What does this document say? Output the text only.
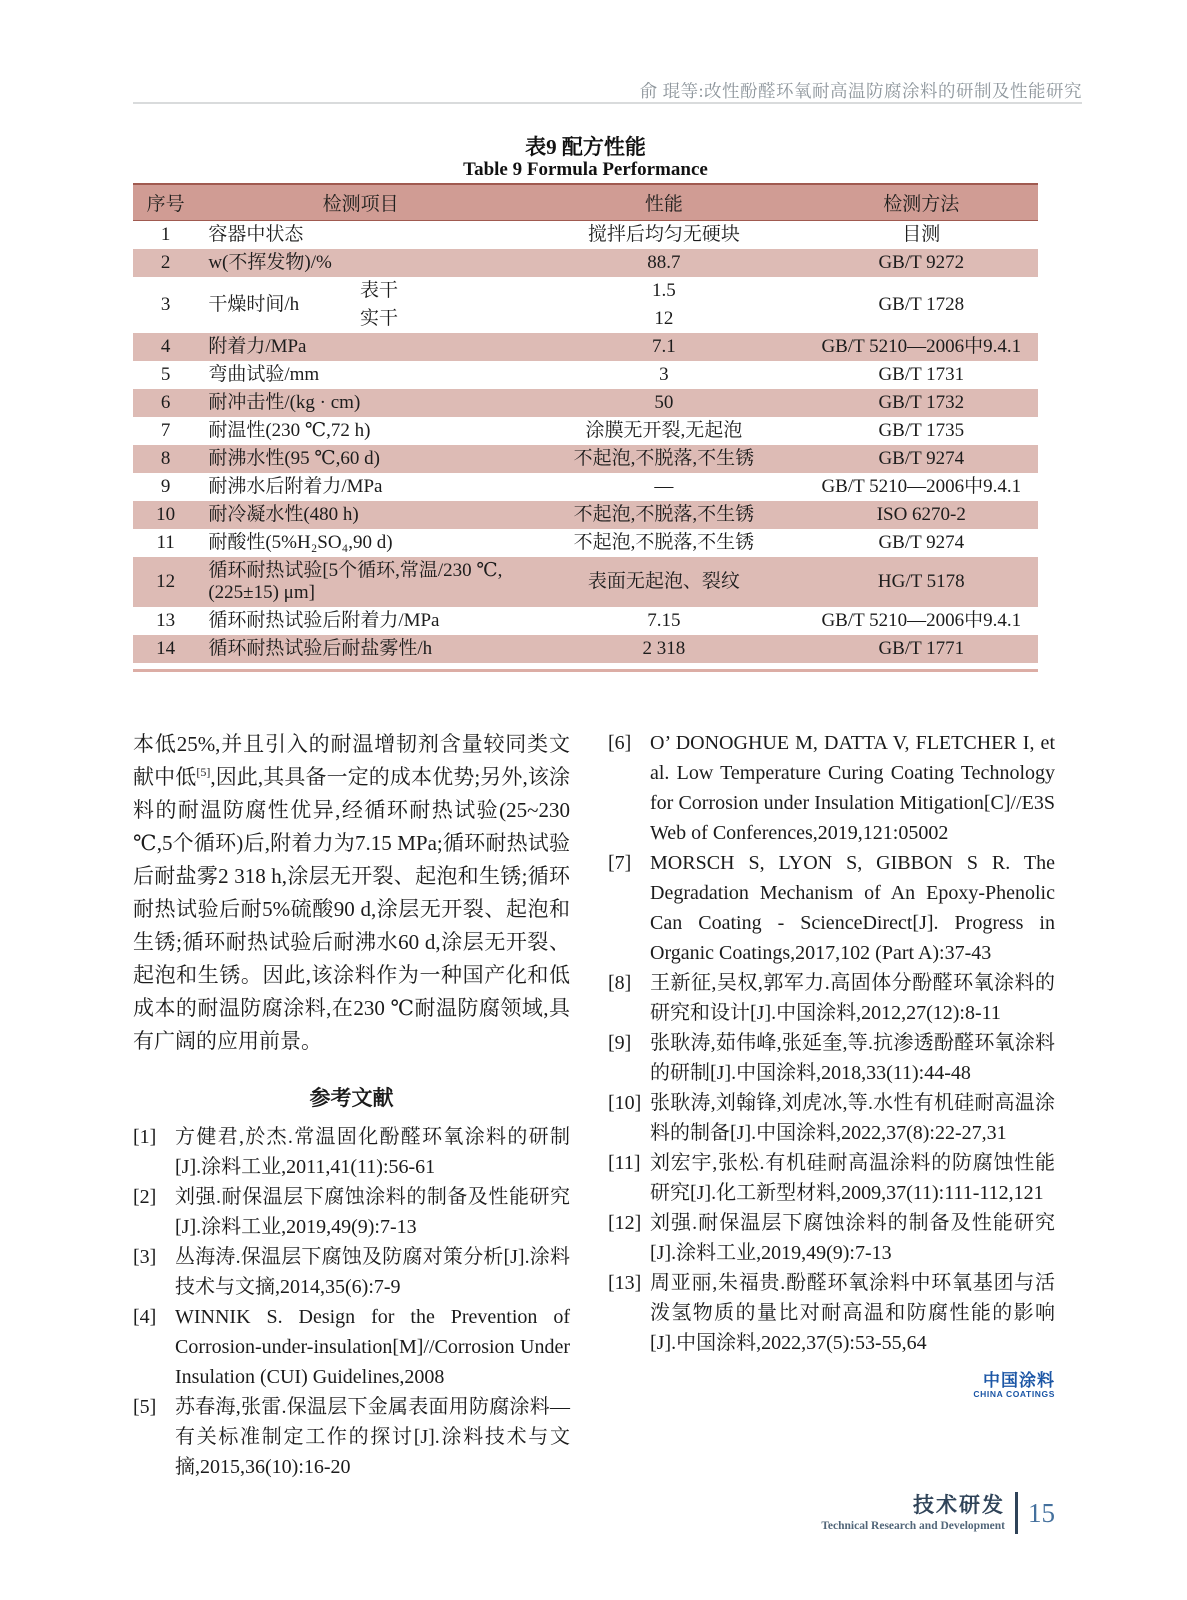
俞 琨等:改性酚醛环氧耐高温防腐涂料的研制及性能研究
表9 配方性能
Table 9 Formula Performance
序号	检测项目		性能	检测方法
1	容器中状态		搅拌后均匀无硬块	目测
2	w(不挥发物)/%		88.7	GB/T 9272
3	干燥时间/h	表干	1.5	GB/T 1728
		实干	12	
4	附着力/MPa		7.1	GB/T 5210—2006中9.4.1
5	弯曲试验/mm		3	GB/T 1731
6	耐冲击性/(kg · cm)		50	GB/T 1732
7	耐温性(230 ℃,72 h)		涂膜无开裂,无起泡	GB/T 1735
8	耐沸水性(95 ℃,60 d)		不起泡,不脱落,不生锈	GB/T 9274
9	耐沸水后附着力/MPa		—	GB/T 5210—2006中9.4.1
10	耐冷凝水性(480 h)		不起泡,不脱落,不生锈	ISO 6270-2
11	耐酸性(5%H₂SO₄,90 d)		不起泡,不脱落,不生锈	GB/T 9274
12	循环耐热试验[5个循环,常温/230 ℃,(225±15) μm]		表面无起泡、裂纹	HG/T 5178
13	循环耐热试验后附着力/MPa		7.15	GB/T 5210—2006中9.4.1
14	循环耐热试验后耐盐雾性/h		2 318	GB/T 1771

本低25%,并且引入的耐温增韧剂含量较同类文献中低[5],因此,其具备一定的成本优势;另外,该涂料的耐温防腐性优异,经循环耐热试验(25~230 ℃,5个循环)后,附着力为7.15 MPa;循环耐热试验后耐盐雾2 318 h,涂层无开裂、起泡和生锈;循环耐热试验后耐5%硫酸90 d,涂层无开裂、起泡和生锈;循环耐热试验后耐沸水60 d,涂层无开裂、起泡和生锈。因此,该涂料作为一种国产化和低成本的耐温防腐涂料,在230 ℃耐温防腐领域,具有广阔的应用前景。

参考文献
[1] 方健君,於杰.常温固化酚醛环氧涂料的研制[J].涂料工业,2011,41(11):56-61
[2] 刘强.耐保温层下腐蚀涂料的制备及性能研究[J].涂料工业,2019,49(9):7-13
[3] 丛海涛.保温层下腐蚀及防腐对策分析[J].涂料技术与文摘,2014,35(6):7-9
[4] WINNIK S. Design for the Prevention of Corrosion-under-insulation[M]//Corrosion Under Insulation (CUI) Guidelines,2008
[5] 苏春海,张雷.保温层下金属表面用防腐涂料—有关标准制定工作的探讨[J].涂料技术与文摘,2015,36(10):16-20
[6] O’ DONOGHUE M, DATTA V, FLETCHER I, et al. Low Temperature Curing Coating Technology for Corrosion under Insulation Mitigation[C]//E3S Web of Conferences,2019,121:05002
[7] MORSCH S, LYON S, GIBBON S R. The Degradation Mechanism of An Epoxy-Phenolic Can Coating - ScienceDirect[J]. Progress in Organic Coatings,2017,102 (Part A):37-43
[8] 王新征,吴权,郭军力.高固体分酚醛环氧涂料的研究和设计[J].中国涂料,2012,27(12):8-11
[9] 张耿涛,茹伟峰,张延奎,等.抗渗透酚醛环氧涂料的研制[J].中国涂料,2018,33(11):44-48
[10] 张耿涛,刘翰锋,刘虎冰,等.水性有机硅耐高温涂料的制备[J].中国涂料,2022,37(8):22-27,31
[11] 刘宏宇,张松.有机硅耐高温涂料的防腐蚀性能研究[J].化工新型材料,2009,37(11):111-112,121
[12] 刘强.耐保温层下腐蚀涂料的制备及性能研究[J].涂料工业,2019,49(9):7-13
[13] 周亚丽,朱福贵.酚醛环氧涂料中环氧基团与活泼氢物质的量比对耐高温和防腐性能的影响[J].中国涂料,2022,37(5):53-55,64
中国涂料
CHINA COATINGS
技术研发
Technical Research and Development 15
